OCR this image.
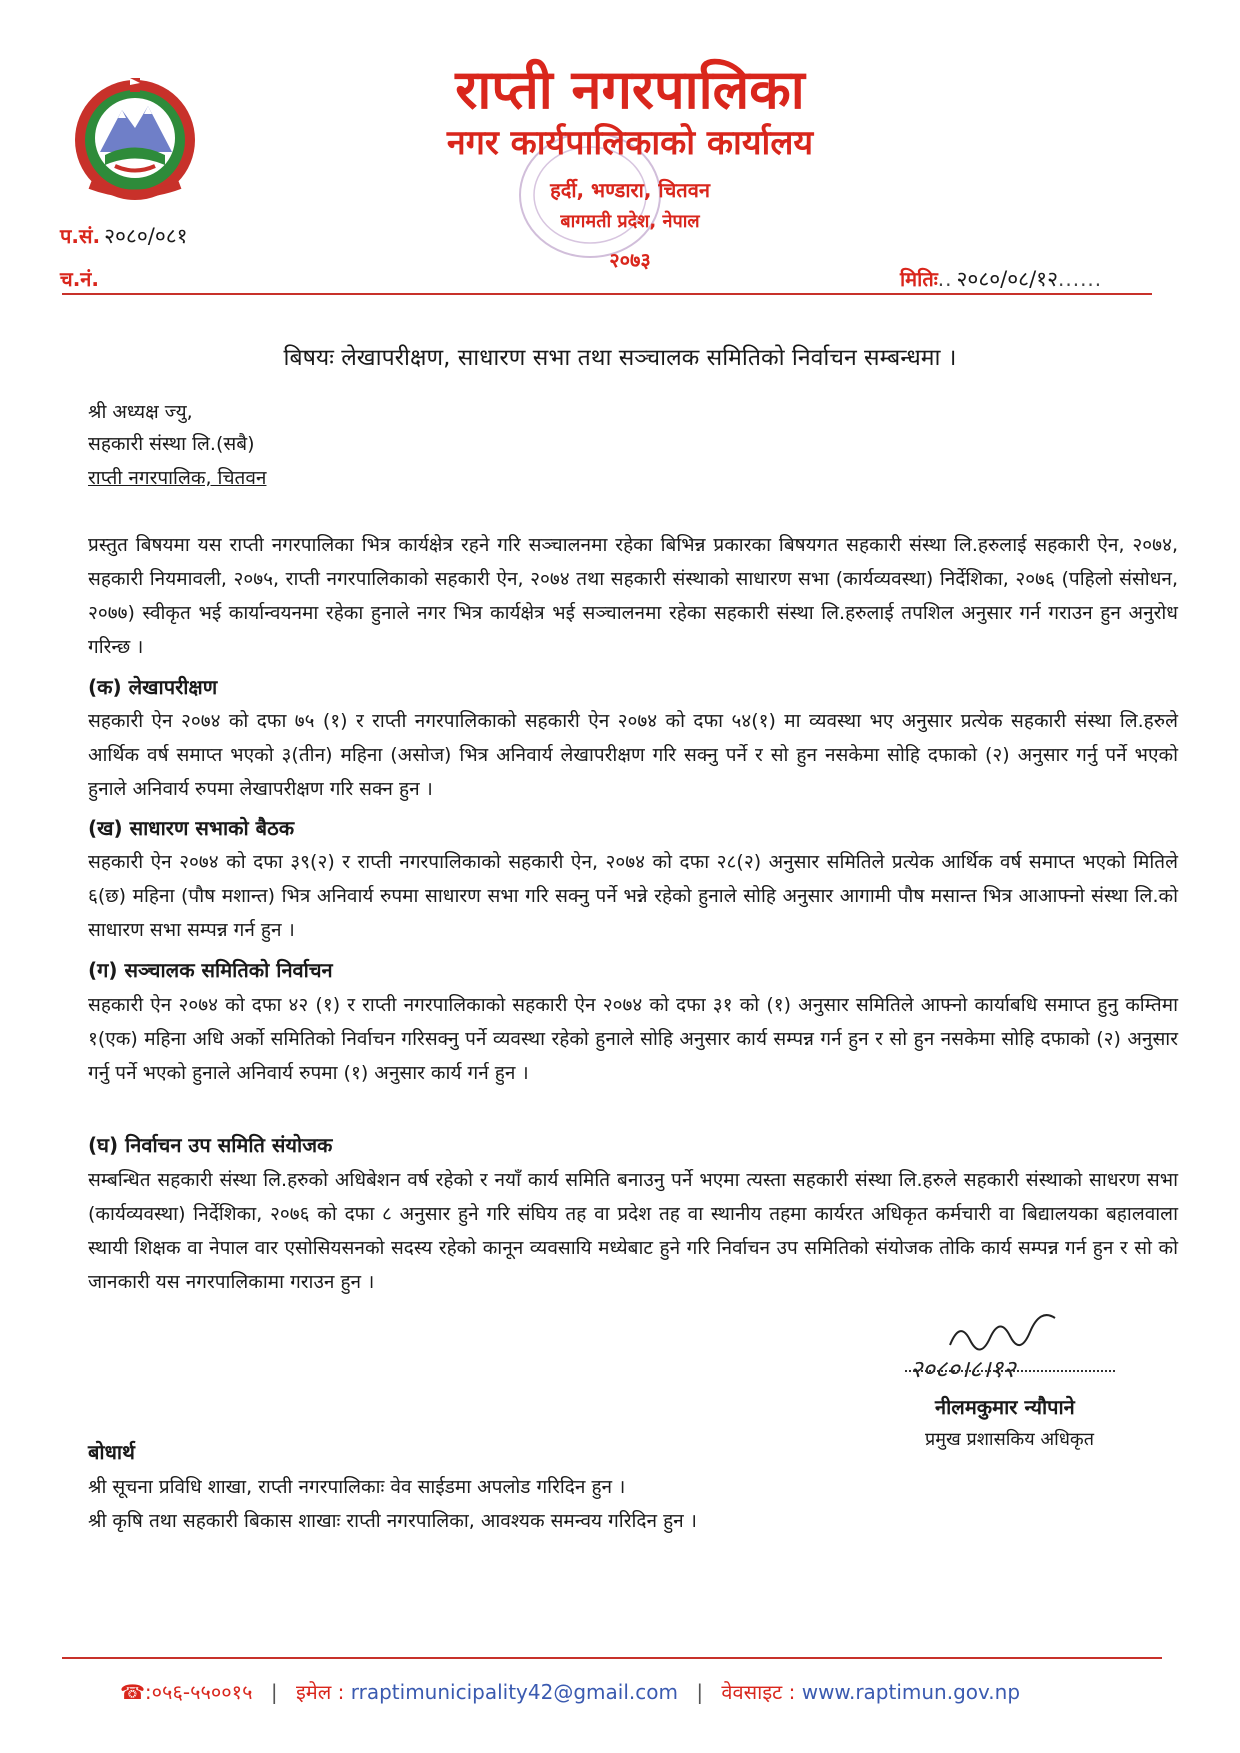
राप्ती नगरपालिका
नगर कार्यपालिकाको कार्यालय
हर्दी, भण्डारा, चितवन
बागमती प्रदेश, नेपाल
२०७३
प.सं. २०८०/०८१
च.नं.	मितिः.. २०८०/०८/१२......
बिषयः लेखापरीक्षण, साधारण सभा तथा सञ्चालक समितिको निर्वाचन सम्बन्धमा ।
श्री अध्यक्ष ज्यु,
सहकारी संस्था लि.(सबै)
राप्ती नगरपालिक, चितवन

प्रस्तुत बिषयमा यस राप्ती नगरपालिका भित्र कार्यक्षेत्र रहने गरि सञ्चालनमा रहेका बिभिन्न प्रकारका बिषयगत सहकारी संस्था लि.हरुलाई सहकारी ऐन, २०७४, सहकारी नियमावली, २०७५, राप्ती नगरपालिकाको सहकारी ऐन, २०७४ तथा सहकारी संस्थाको साधारण सभा (कार्यव्यवस्था) निर्देशिका, २०७६ (पहिलो संसोधन, २०७७) स्वीकृत भई कार्यान्वयनमा रहेका हुनाले नगर भित्र कार्यक्षेत्र भई सञ्चालनमा रहेका सहकारी संस्था लि.हरुलाई तपशिल अनुसार गर्न गराउन हुन अनुरोध गरिन्छ ।

(क) लेखापरीक्षण

सहकारी ऐन २०७४ को दफा ७५ (१) र राप्ती नगरपालिकाको सहकारी ऐन २०७४ को दफा ५४(१) मा व्यवस्था भए अनुसार प्रत्येक सहकारी संस्था लि.हरुले आर्थिक वर्ष समाप्त भएको ३(तीन) महिना (असोज) भित्र अनिवार्य लेखापरीक्षण गरि सक्नु पर्ने र सो हुन नसकेमा सोहि दफाको (२) अनुसार गर्नु पर्ने भएको हुनाले अनिवार्य रुपमा लेखापरीक्षण गरि सक्न हुन ।

(ख) साधारण सभाको बैठक

सहकारी ऐन २०७४ को दफा ३९(२) र राप्ती नगरपालिकाको सहकारी ऐन, २०७४ को दफा २८(२) अनुसार समितिले प्रत्येक आर्थिक वर्ष समाप्त भएको मितिले ६(छ) महिना (पौष मशान्त) भित्र अनिवार्य रुपमा साधारण सभा गरि सक्नु पर्ने भन्ने रहेको हुनाले सोहि अनुसार आगामी पौष मसान्त भित्र आआफ्नो संस्था लि.को साधारण सभा सम्पन्न गर्न हुन ।

(ग) सञ्चालक समितिको निर्वाचन

सहकारी ऐन २०७४ को दफा ४२ (१) र राप्ती नगरपालिकाको सहकारी ऐन २०७४ को दफा ३१ को (१) अनुसार समितिले आफ्नो कार्याबधि समाप्त हुनु कम्तिमा १(एक) महिना अधि अर्को समितिको निर्वाचन गरिसक्नु पर्ने व्यवस्था रहेको हुनाले सोहि अनुसार कार्य सम्पन्न गर्न हुन र सो हुन नसकेमा सोहि दफाको (२) अनुसार गर्नु पर्ने भएको हुनाले अनिवार्य रुपमा (१) अनुसार कार्य गर्न हुन ।

(घ) निर्वाचन उप समिति संयोजक

सम्बन्धित सहकारी संस्था लि.हरुको अधिबेशन वर्ष रहेको र नयाँ कार्य समिति बनाउनु पर्ने भएमा त्यस्ता सहकारी संस्था लि.हरुले सहकारी संस्थाको साधरण सभा (कार्यव्यवस्था) निर्देशिका, २०७६ को दफा ८ अनुसार हुने गरि संघिय तह वा प्रदेश तह वा स्थानीय तहमा कार्यरत अधिकृत कर्मचारी वा बिद्यालयका बहालवाला स्थायी शिक्षक वा नेपाल वार एसोसियसनको सदस्य रहेको कानून व्यवसायि मध्येबाट हुने गरि निर्वाचन उप समितिको संयोजक तोकि कार्य सम्पन्न गर्न हुन र सो को जानकारी यस नगरपालिकामा गराउन हुन ।

२०८०।८।१२
नीलमकुमार न्यौपाने
प्रमुख प्रशासकिय अधिकृत
बोधार्थ
श्री सूचना प्रविधि शाखा, राप्ती नगरपालिकाः वेव साईडमा अपलोड गरिदिन हुन ।
श्री कृषि तथा सहकारी बिकास शाखाः राप्ती नगरपालिका, आवश्यक समन्वय गरिदिन हुन ।
☎:०५६-५५००१५ | इमेल : rraptimunicipality42@gmail.com | वेवसाइट : www.raptimun.gov.np
